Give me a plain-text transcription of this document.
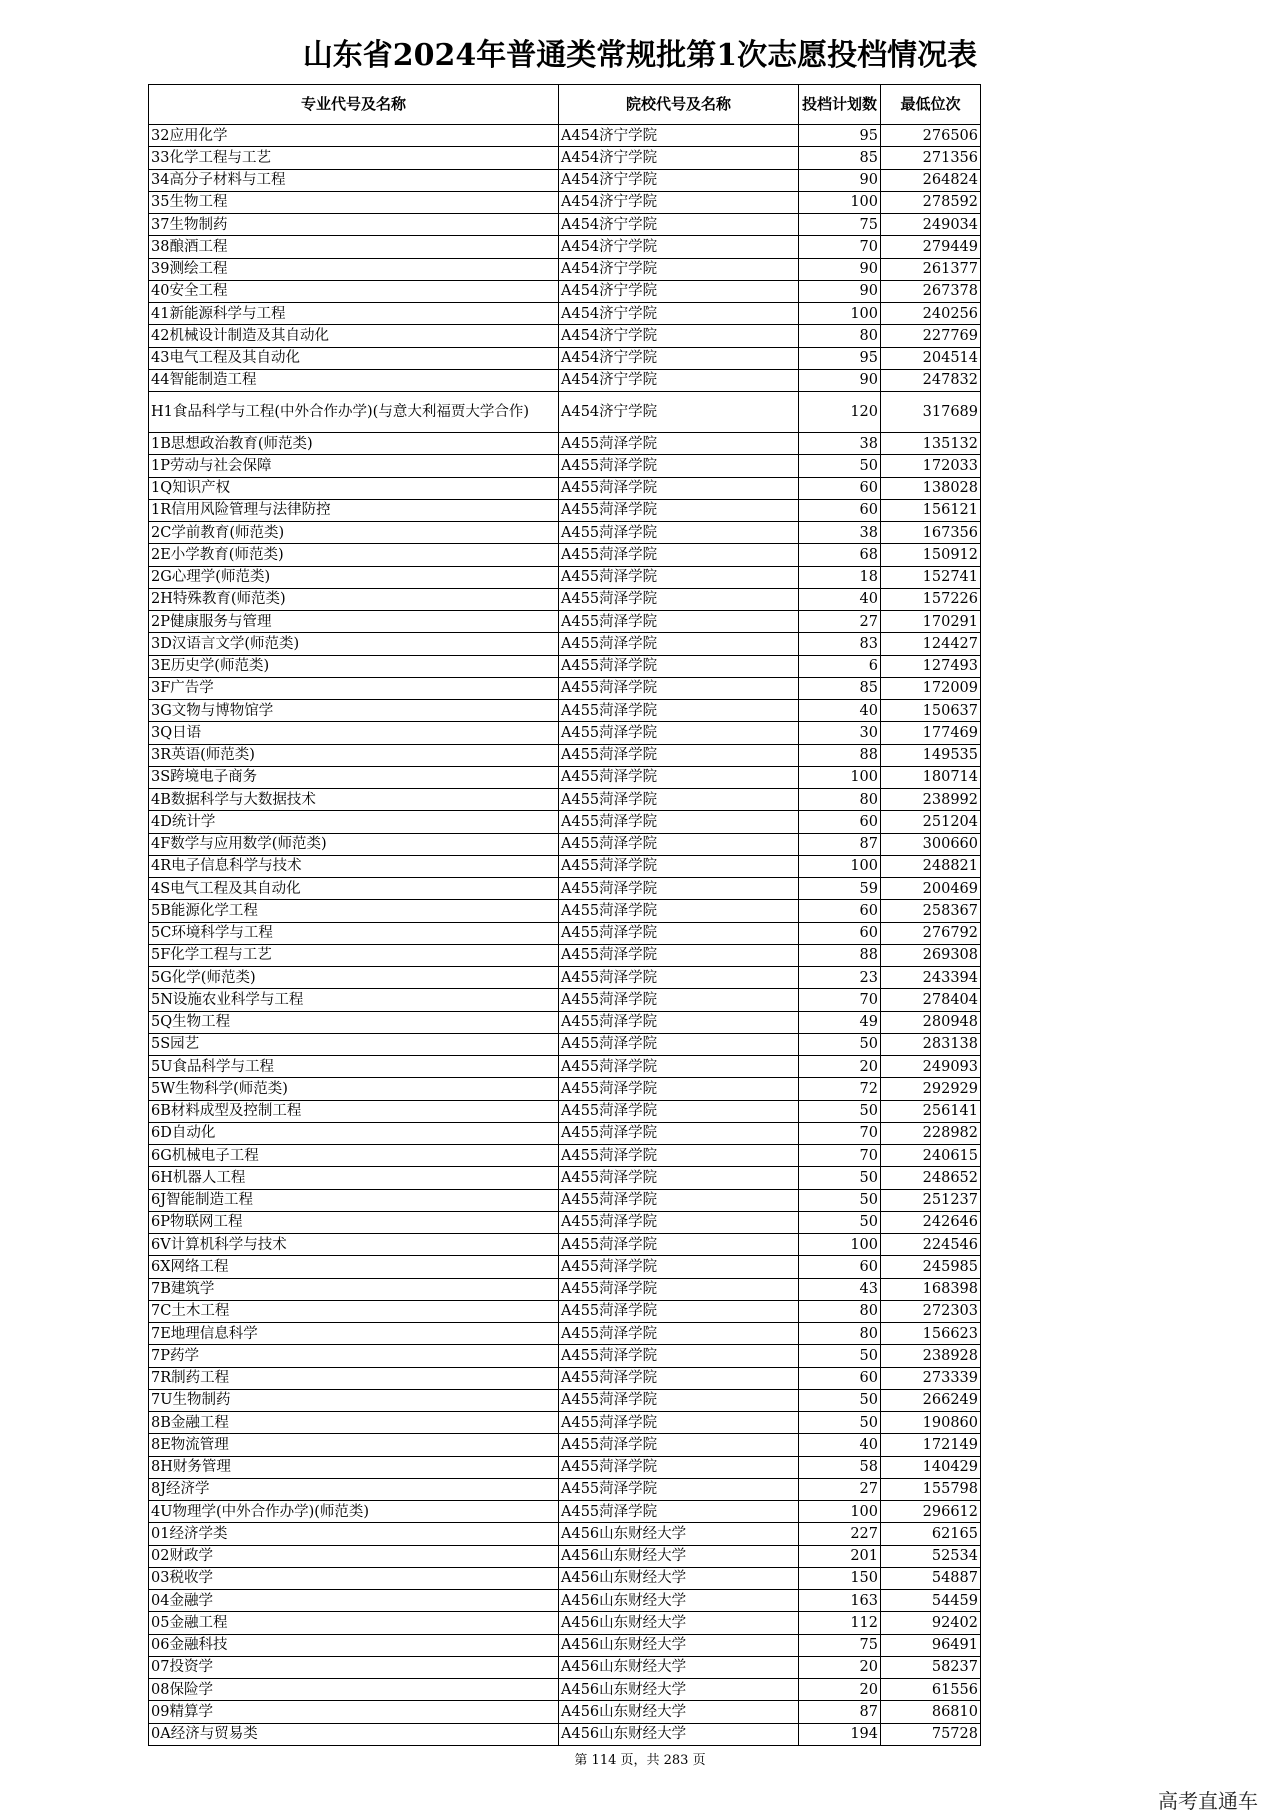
山东省2024年普通类常规批第1次志愿投档情况表
专业代号及名称	院校代号及名称	投档计划数	最低位次
32应用化学	A454济宁学院	95	276506
33化学工程与工艺	A454济宁学院	85	271356
34高分子材料与工程	A454济宁学院	90	264824
35生物工程	A454济宁学院	100	278592
37生物制药	A454济宁学院	75	249034
38酿酒工程	A454济宁学院	70	279449
39测绘工程	A454济宁学院	90	261377
40安全工程	A454济宁学院	90	267378
41新能源科学与工程	A454济宁学院	100	240256
42机械设计制造及其自动化	A454济宁学院	80	227769
43电气工程及其自动化	A454济宁学院	95	204514
44智能制造工程	A454济宁学院	90	247832
H1食品科学与工程(中外合作办学)(与意大利福贾大学合作)	A454济宁学院	120	317689
1B思想政治教育(师范类)	A455菏泽学院	38	135132
1P劳动与社会保障	A455菏泽学院	50	172033
1Q知识产权	A455菏泽学院	60	138028
1R信用风险管理与法律防控	A455菏泽学院	60	156121
2C学前教育(师范类)	A455菏泽学院	38	167356
2E小学教育(师范类)	A455菏泽学院	68	150912
2G心理学(师范类)	A455菏泽学院	18	152741
2H特殊教育(师范类)	A455菏泽学院	40	157226
2P健康服务与管理	A455菏泽学院	27	170291
3D汉语言文学(师范类)	A455菏泽学院	83	124427
3E历史学(师范类)	A455菏泽学院	6	127493
3F广告学	A455菏泽学院	85	172009
3G文物与博物馆学	A455菏泽学院	40	150637
3Q日语	A455菏泽学院	30	177469
3R英语(师范类)	A455菏泽学院	88	149535
3S跨境电子商务	A455菏泽学院	100	180714
4B数据科学与大数据技术	A455菏泽学院	80	238992
4D统计学	A455菏泽学院	60	251204
4F数学与应用数学(师范类)	A455菏泽学院	87	300660
4R电子信息科学与技术	A455菏泽学院	100	248821
4S电气工程及其自动化	A455菏泽学院	59	200469
5B能源化学工程	A455菏泽学院	60	258367
5C环境科学与工程	A455菏泽学院	60	276792
5F化学工程与工艺	A455菏泽学院	88	269308
5G化学(师范类)	A455菏泽学院	23	243394
5N设施农业科学与工程	A455菏泽学院	70	278404
5Q生物工程	A455菏泽学院	49	280948
5S园艺	A455菏泽学院	50	283138
5U食品科学与工程	A455菏泽学院	20	249093
5W生物科学(师范类)	A455菏泽学院	72	292929
6B材料成型及控制工程	A455菏泽学院	50	256141
6D自动化	A455菏泽学院	70	228982
6G机械电子工程	A455菏泽学院	70	240615
6H机器人工程	A455菏泽学院	50	248652
6J智能制造工程	A455菏泽学院	50	251237
6P物联网工程	A455菏泽学院	50	242646
6V计算机科学与技术	A455菏泽学院	100	224546
6X网络工程	A455菏泽学院	60	245985
7B建筑学	A455菏泽学院	43	168398
7C土木工程	A455菏泽学院	80	272303
7E地理信息科学	A455菏泽学院	80	156623
7P药学	A455菏泽学院	50	238928
7R制药工程	A455菏泽学院	60	273339
7U生物制药	A455菏泽学院	50	266249
8B金融工程	A455菏泽学院	50	190860
8E物流管理	A455菏泽学院	40	172149
8H财务管理	A455菏泽学院	58	140429
8J经济学	A455菏泽学院	27	155798
4U物理学(中外合作办学)(师范类)	A455菏泽学院	100	296612
01经济学类	A456山东财经大学	227	62165
02财政学	A456山东财经大学	201	52534
03税收学	A456山东财经大学	150	54887
04金融学	A456山东财经大学	163	54459
05金融工程	A456山东财经大学	112	92402
06金融科技	A456山东财经大学	75	96491
07投资学	A456山东财经大学	20	58237
08保险学	A456山东财经大学	20	61556
09精算学	A456山东财经大学	87	86810
0A经济与贸易类	A456山东财经大学	194	75728
第 114 页，共 283 页
高考直通车
